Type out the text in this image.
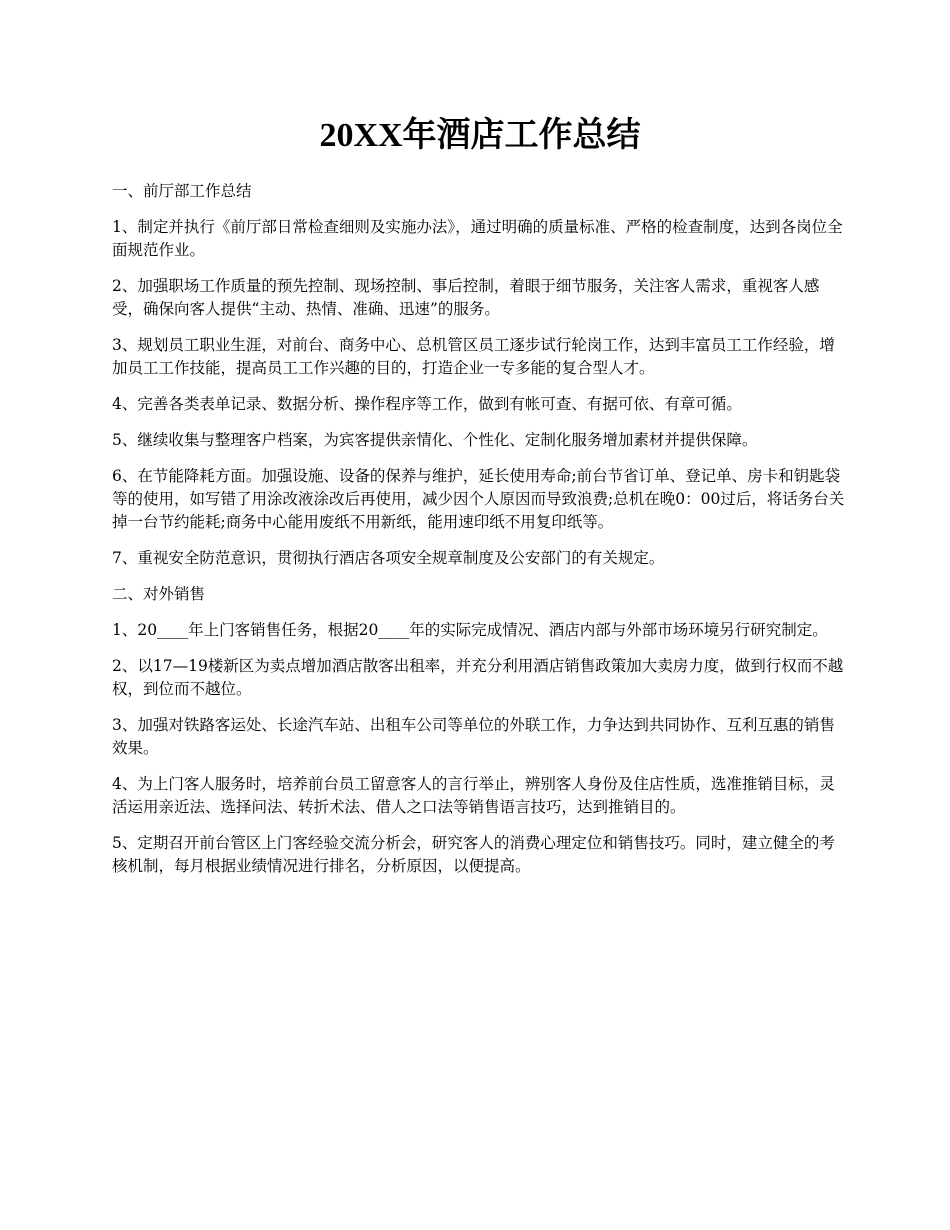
20XX年酒店工作总结
一、前厅部工作总结

1、制定并执行《前厅部日常检查细则及实施办法》，通过明确的质量标准、严格的检查制度，达到各岗位全面规范作业。

2、加强职场工作质量的预先控制、现场控制、事后控制，着眼于细节服务，关注客人需求，重视客人感受，确保向客人提供“主动、热情、准确、迅速”的服务。

3、规划员工职业生涯，对前台、商务中心、总机管区员工逐步试行轮岗工作，达到丰富员工工作经验，增加员工工作技能，提高员工工作兴趣的目的，打造企业一专多能的复合型人才。

4、完善各类表单记录、数据分析、操作程序等工作，做到有帐可查、有据可依、有章可循。

5、继续收集与整理客户档案，为宾客提供亲情化、个性化、定制化服务增加素材并提供保障。

6、在节能降耗方面。加强设施、设备的保养与维护，延长使用寿命;前台节省订单、登记单、房卡和钥匙袋等的使用，如写错了用涂改液涂改后再使用，减少因个人原因而导致浪费;总机在晚0：00过后，将话务台关掉一台节约能耗;商务中心能用废纸不用新纸，能用速印纸不用复印纸等。

7、重视安全防范意识，贯彻执行酒店各项安全规章制度及公安部门的有关规定。

二、对外销售

1、20____年上门客销售任务，根据20____年的实际完成情况、酒店内部与外部市场环境另行研究制定。

2、以17—19楼新区为卖点增加酒店散客出租率，并充分利用酒店销售政策加大卖房力度，做到行权而不越权，到位而不越位。

3、加强对铁路客运处、长途汽车站、出租车公司等单位的外联工作，力争达到共同协作、互利互惠的销售效果。

4、为上门客人服务时，培养前台员工留意客人的言行举止，辨别客人身份及住店性质，选准推销目标，灵活运用亲近法、选择问法、转折术法、借人之口法等销售语言技巧，达到推销目的。

5、定期召开前台管区上门客经验交流分析会，研究客人的消费心理定位和销售技巧。同时，建立健全的考核机制，每月根据业绩情况进行排名，分析原因，以便提高。
